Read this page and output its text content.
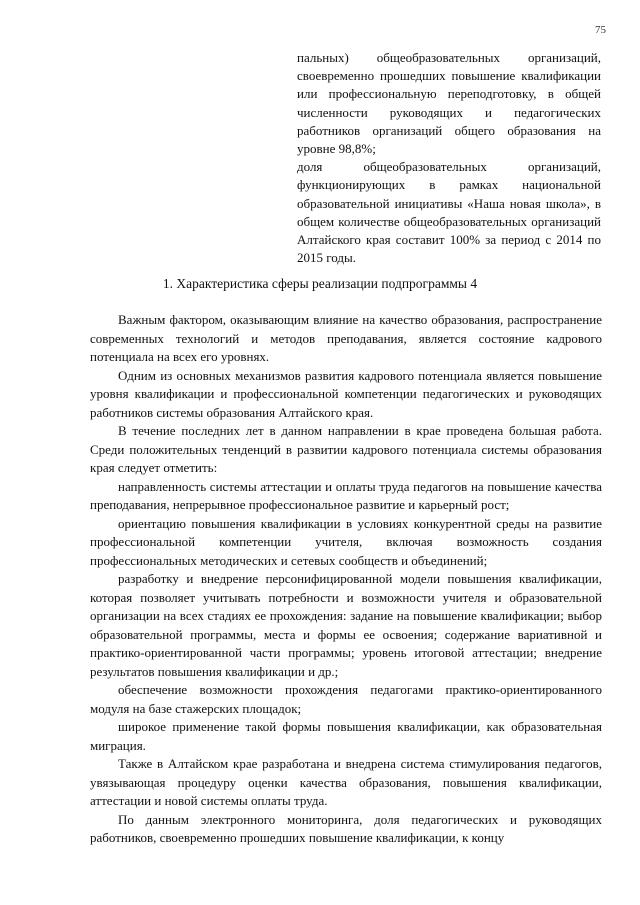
75

пальных) общеобразовательных организаций, своевременно прошедших повышение квалификации или профессиональную переподготовку, в общей численности руководящих и педагогических работников организаций общего образования на уровне 98,8%;

доля общеобразовательных организаций, функционирующих в рамках национальной образовательной инициативы «Наша новая школа», в общем количестве общеобразовательных организаций Алтайского края составит 100% за период с 2014 по 2015 годы.

1. Характеристика сферы реализации подпрограммы 4

Важным фактором, оказывающим влияние на качество образования, распространение современных технологий и методов преподавания, является состояние кадрового потенциала на всех его уровнях.

Одним из основных механизмов развития кадрового потенциала является повышение уровня квалификации и профессиональной компетенции педагогических и руководящих работников системы образования Алтайского края.

В течение последних лет в данном направлении в крае проведена большая работа. Среди положительных тенденций в развитии кадрового потенциала системы образования края следует отметить:

направленность системы аттестации и оплаты труда педагогов на повышение качества преподавания, непрерывное профессиональное развитие и карьерный рост;

ориентацию повышения квалификации в условиях конкурентной среды на развитие профессиональной компетенции учителя, включая возможность создания профессиональных методических и сетевых сообществ и объединений;

разработку и внедрение персонифицированной модели повышения квалификации, которая позволяет учитывать потребности и возможности учителя и образовательной организации на всех стадиях ее прохождения: задание на повышение квалификации; выбор образовательной программы, места и формы ее освоения; содержание вариативной и практико-ориентированной части программы; уровень итоговой аттестации; внедрение результатов повышения квалификации и др.;

обеспечение возможности прохождения педагогами практико-ориентированного модуля на базе стажерских площадок;

широкое применение такой формы повышения квалификации, как образовательная миграция.

Также в Алтайском крае разработана и внедрена система стимулирования педагогов, увязывающая процедуру оценки качества образования, повышения квалификации, аттестации и новой системы оплаты труда.

По данным электронного мониторинга, доля педагогических и руководящих работников, своевременно прошедших повышение квалификации, к концу
